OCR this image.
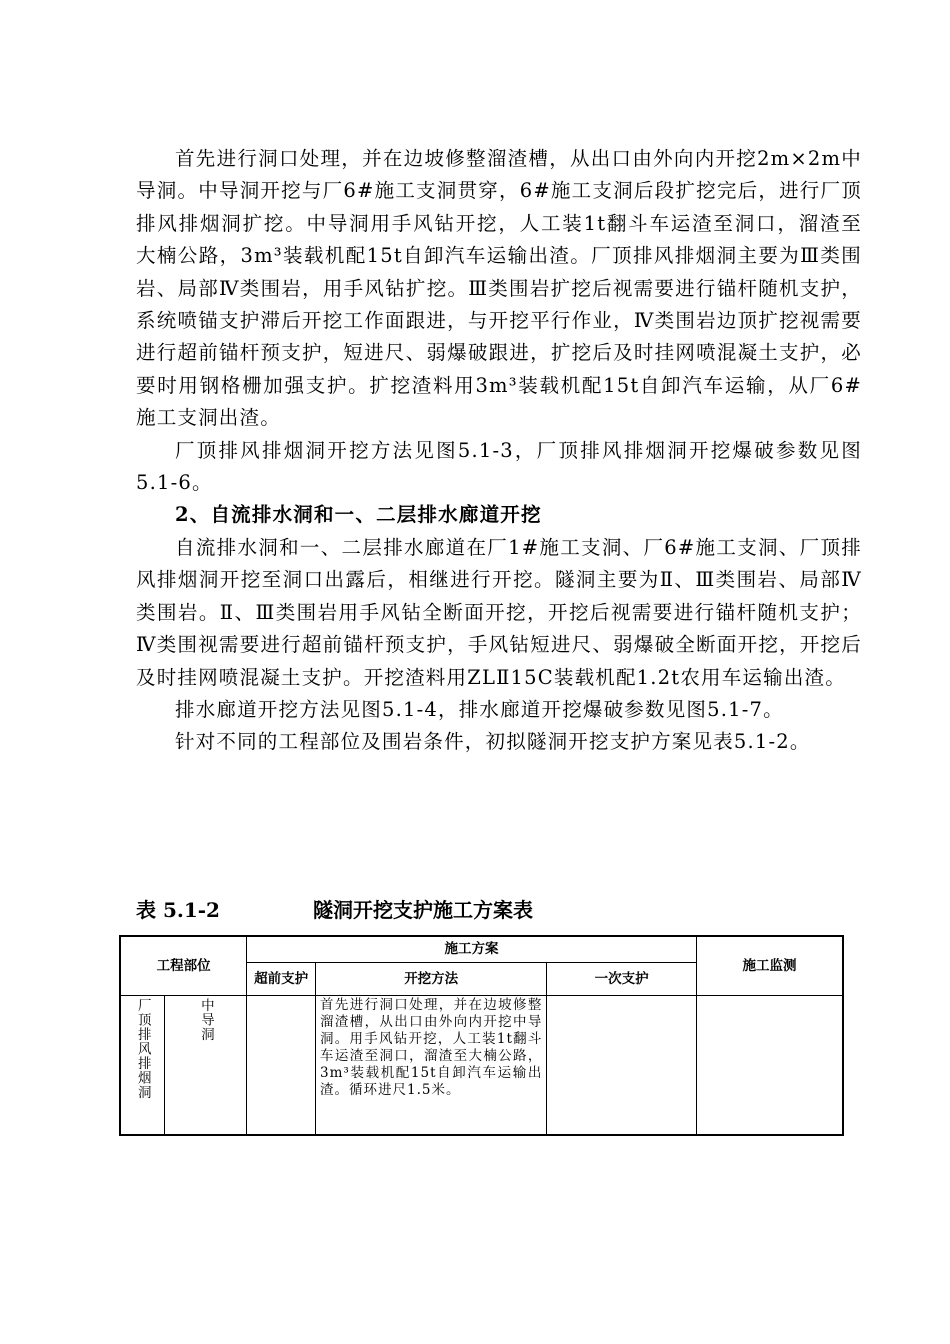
首先进行洞口处理，并在边坡修整溜渣槽，从出口由外向内开挖2m×2m中导洞。中导洞开挖与厂6#施工支洞贯穿，6#施工支洞后段扩挖完后，进行厂顶排风排烟洞扩挖。中导洞用手风钻开挖，人工装1t翻斗车运渣至洞口，溜渣至大楠公路，3m³装载机配15t自卸汽车运输出渣。厂顶排风排烟洞主要为Ⅲ类围岩、局部Ⅳ类围岩，用手风钻扩挖。Ⅲ类围岩扩挖后视需要进行锚杆随机支护，系统喷锚支护滞后开挖工作面跟进，与开挖平行作业，Ⅳ类围岩边顶扩挖视需要进行超前锚杆预支护，短进尺、弱爆破跟进，扩挖后及时挂网喷混凝土支护，必要时用钢格栅加强支护。扩挖渣料用3m³装载机配15t自卸汽车运输，从厂6#施工支洞出渣。

厂顶排风排烟洞开挖方法见图5.1-3，厂顶排风排烟洞开挖爆破参数见图5.1-6。

2、自流排水洞和一、二层排水廊道开挖

自流排水洞和一、二层排水廊道在厂1#施工支洞、厂6#施工支洞、厂顶排风排烟洞开挖至洞口出露后，相继进行开挖。隧洞主要为Ⅱ、Ⅲ类围岩、局部Ⅳ类围岩。Ⅱ、Ⅲ类围岩用手风钻全断面开挖，开挖后视需要进行锚杆随机支护；Ⅳ类围视需要进行超前锚杆预支护，手风钻短进尺、弱爆破全断面开挖，开挖后及时挂网喷混凝土支护。开挖渣料用ZLⅡ15C装载机配1.2t农用车运输出渣。

排水廊道开挖方法见图5.1-4，排水廊道开挖爆破参数见图5.1-7。

针对不同的工程部位及围岩条件，初拟隧洞开挖支护方案见表5.1-2。

表 5.1-2	隧洞开挖支护施工方案表
工程部位		施工方案			施工监测
		超前支护	开挖方法	一次支护	

厂顶排风排烟洞	中导洞		首先进行洞口处理，并在边坡修整溜渣槽，从出口由外向内开挖中导洞。用手风钻开挖，人工装1t翻斗车运渣至洞口，溜渣至大楠公路，3m³装载机配15t自卸汽车运输出渣。循环进尺1.5米。		
